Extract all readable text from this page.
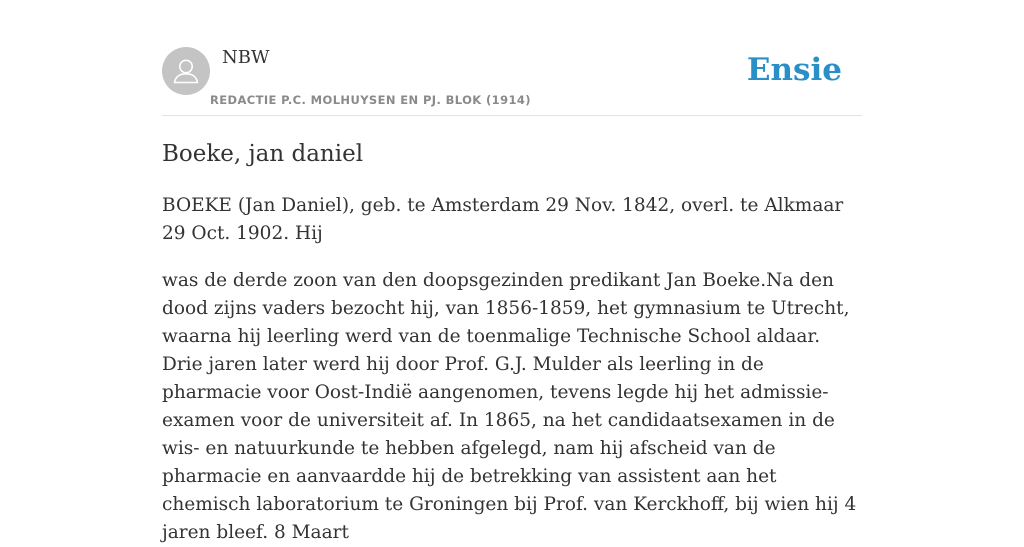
NBW
REDACTIE P.C. MOLHUYSEN EN PJ. BLOK (1914)
Ensie
Boeke, jan daniel

BOEKE (Jan Daniel), geb. te Amsterdam 29 Nov. 1842, overl. te Alkmaar 29 Oct. 1902. Hij

was de derde zoon van den doopsgezinden predikant Jan Boeke.Na den dood zijns vaders bezocht hij, van 1856-1859, het gymnasium te Utrecht, waarna hij leerling werd van de toenmalige Technische School aldaar. Drie jaren later werd hij door Prof. G.J. Mulder als leerling in de pharmacie voor Oost-Indië aangenomen, tevens legde hij het admissie-examen voor de universiteit af. In 1865, na het candidaatsexamen in de wis- en natuurkunde te hebben afgelegd, nam hij afscheid van de pharmacie en aanvaardde hij de betrekking van assistent aan het chemisch laboratorium te Groningen bij Prof. van Kerckhoff, bij wien hij 4 jaren bleef. 8 Maart
